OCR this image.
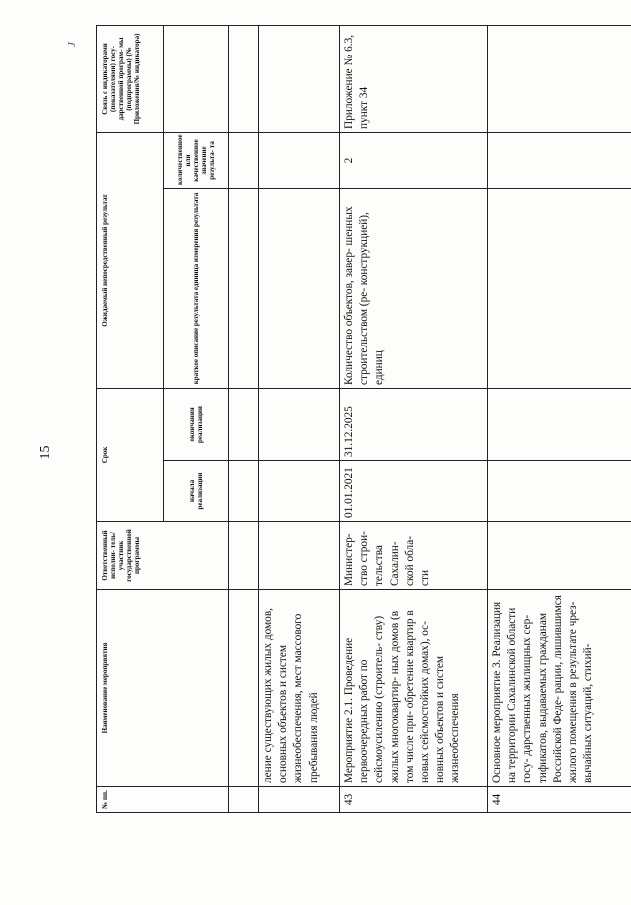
15
J
№ пп.	Наименование мероприятия	Ответственный исполни- тель/участник государственной программы	Срок		Ожидаемый непосредственный результат		Связь с индикаторами (показателями) госу- дарственной програм- мы (подпрограммы) (№ Приложения/№ индикатора)
			начала реализации	окончания реализации	краткое описание результата единица измерения результата	количественное или качественное значение результа- та	

	ление существующих жилых домов, основных объектов и систем жизнеобеспечения, мест массового пребывания людей						
43	Мероприятие 2.1. Проведение первоочередных работ по сейсмоусилению (строитель- ству) жилых многоквартир- ных домов (в том числе при- обретение квартир в новых сейсмостойких домах), ос- новных объектов и систем жизнеобеспечения	Министер- ство строи- тельства Сахалин- ской обла- сти	01.01.2021	31.12.2025	Количество объектов, завер- шенных строительством (ре- конструкцией), единиц	2	Приложение № 6.3, пункт 34
44	Основное мероприятие 3. Реализация на территории Сахалинской области госу- дарственных жилищных сер- тификатов, выдаваемых гражданам Российской Феде- рации, лишившимся жилого помещения в результате чрез- вычайных ситуаций, стихий-						
